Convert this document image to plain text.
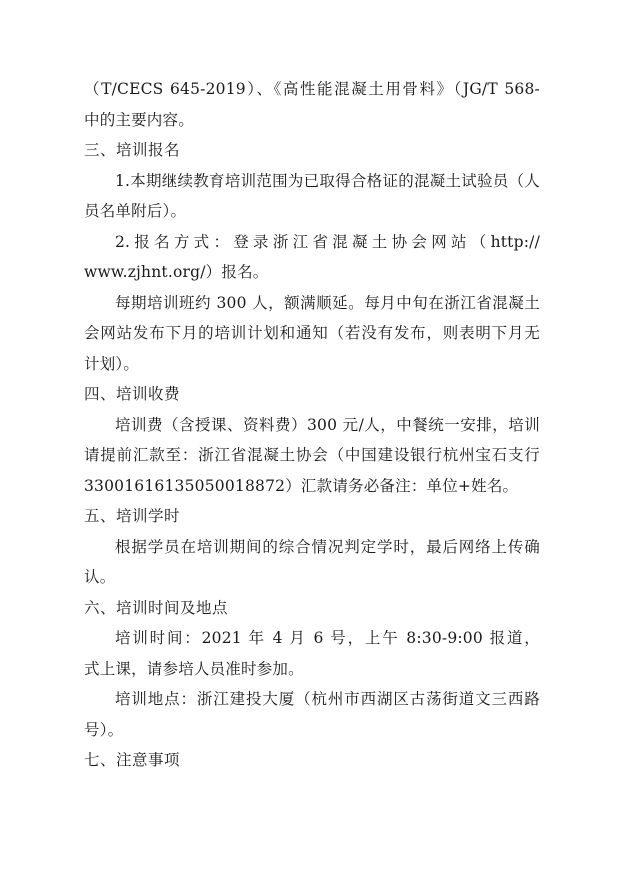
（T/CECS 645-2019）、《高性能混凝土用骨料》（JG/T 568-
中的主要内容。
三、培训报名
1.本期继续教育培训范围为已取得合格证的混凝土试验员（人
员名单附后）。
2.报名方式：登录浙江省混凝土协会网站（http://
www.zjhnt.org/）报名。
每期培训班约 300 人，额满顺延。每月中旬在浙江省混凝土
会网站发布下月的培训计划和通知（若没有发布，则表明下月无
计划）。
四、培训收费
培训费（含授课、资料费）300 元/人，中餐统一安排，培训
请提前汇款至：浙江省混凝土协会（中国建设银行杭州宝石支行
33001616135050018872）汇款请务必备注：单位+姓名。
五、培训学时
根据学员在培训期间的综合情况判定学时，最后网络上传确
认。
六、培训时间及地点
培训时间：2021 年 4 月 6 号，上午 8:30-9:00 报道，
式上课，请参培人员准时参加。
培训地点：浙江建投大厦（杭州市西湖区古荡街道文三西路
号）。
七、注意事项
